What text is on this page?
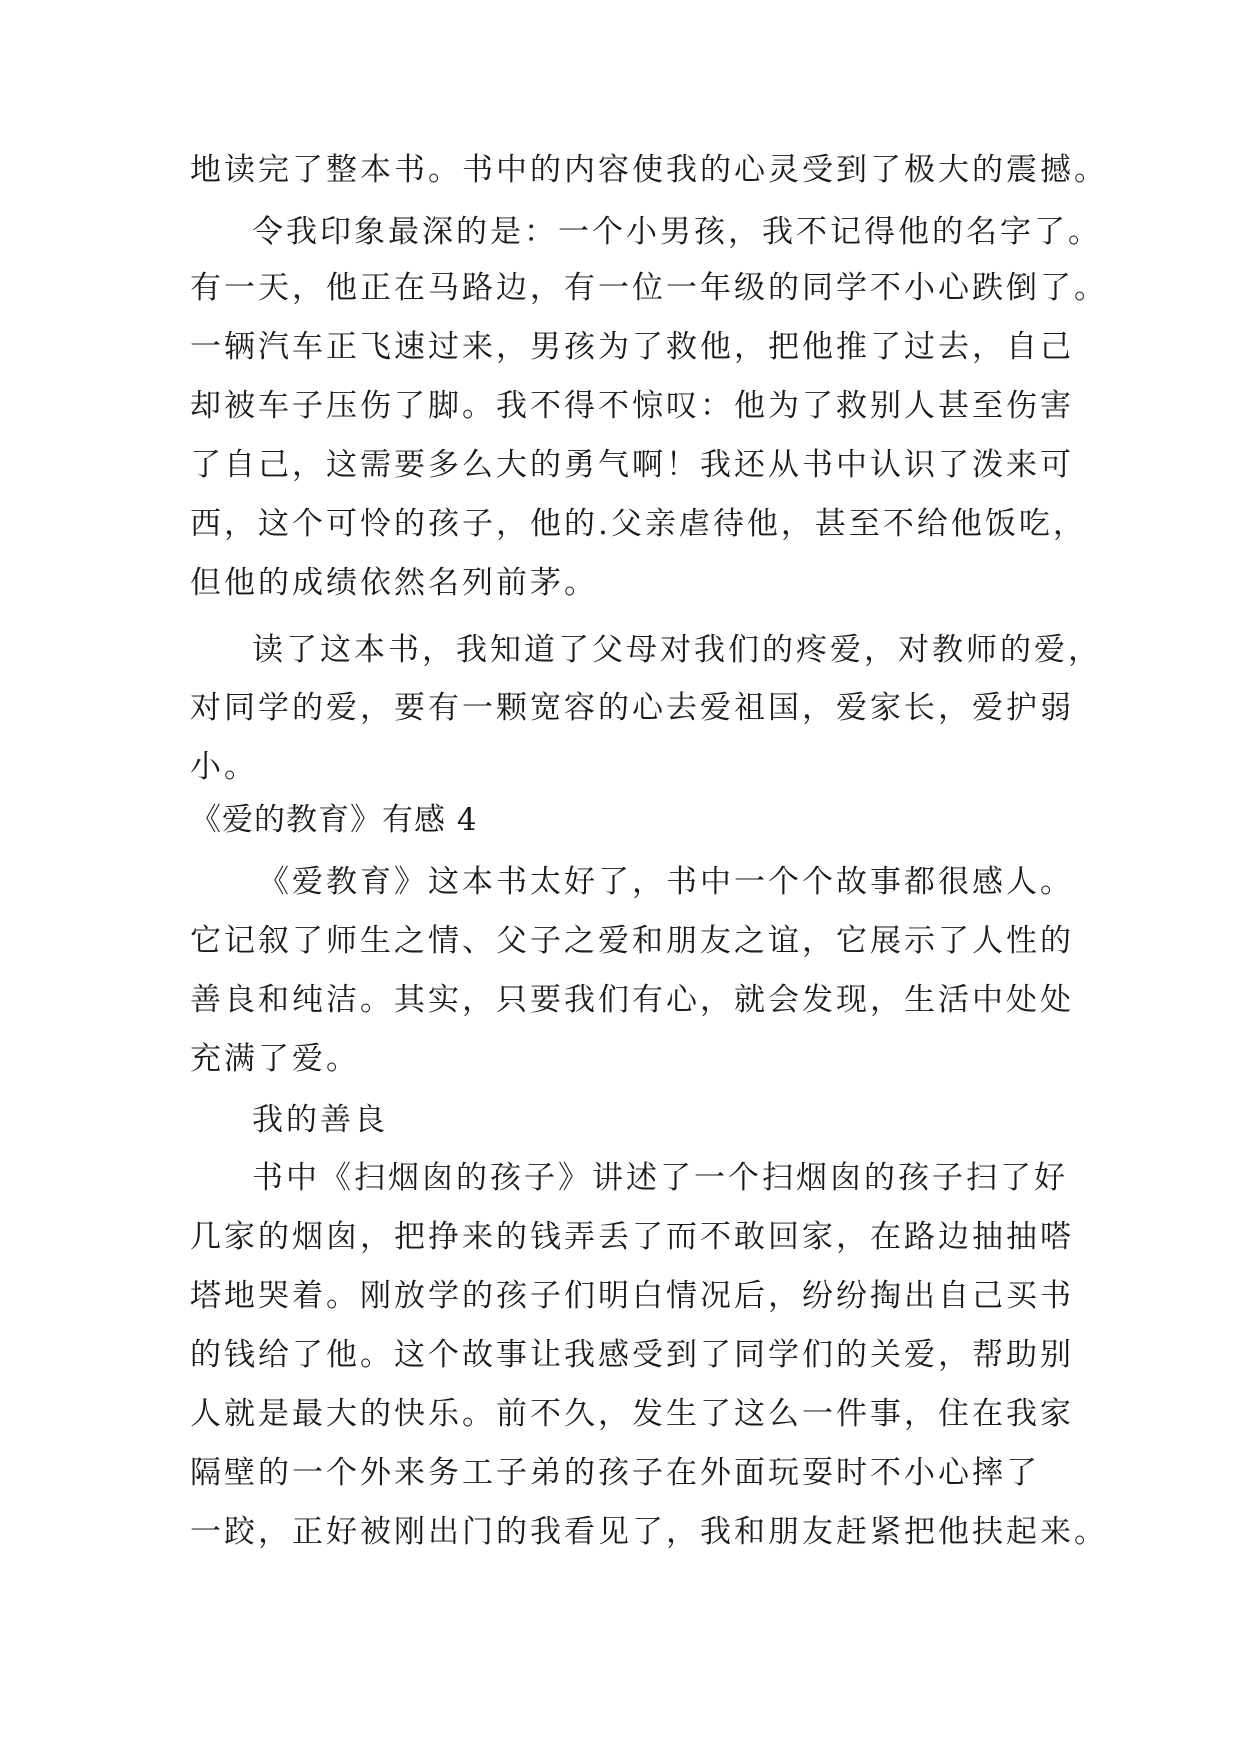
地读完了整本书。书中的内容使我的心灵受到了极大的震撼。
令我印象最深的是：一个小男孩，我不记得他的名字了。
有一天，他正在马路边，有一位一年级的同学不小心跌倒了。
一辆汽车正飞速过来，男孩为了救他，把他推了过去，自己
却被车子压伤了脚。我不得不惊叹：他为了救别人甚至伤害
了自己，这需要多么大的勇气啊！我还从书中认识了泼来可
西，这个可怜的孩子，他的.父亲虐待他，甚至不给他饭吃，
但他的成绩依然名列前茅。
读了这本书，我知道了父母对我们的疼爱，对教师的爱，
对同学的爱，要有一颗宽容的心去爱祖国，爱家长，爱护弱
小。
《爱的教育》有感 4
《爱教育》这本书太好了，书中一个个故事都很感人。
它记叙了师生之情、父子之爱和朋友之谊，它展示了人性的
善良和纯洁。其实，只要我们有心，就会发现，生活中处处
充满了爱。
我的善良
书中《扫烟囱的孩子》讲述了一个扫烟囱的孩子扫了好
几家的烟囱，把挣来的钱弄丢了而不敢回家，在路边抽抽嗒
塔地哭着。刚放学的孩子们明白情况后，纷纷掏出自己买书
的钱给了他。这个故事让我感受到了同学们的关爱，帮助别
人就是最大的快乐。前不久，发生了这么一件事，住在我家
隔壁的一个外来务工子弟的孩子在外面玩耍时不小心摔了
一跤，正好被刚出门的我看见了，我和朋友赶紧把他扶起来。
